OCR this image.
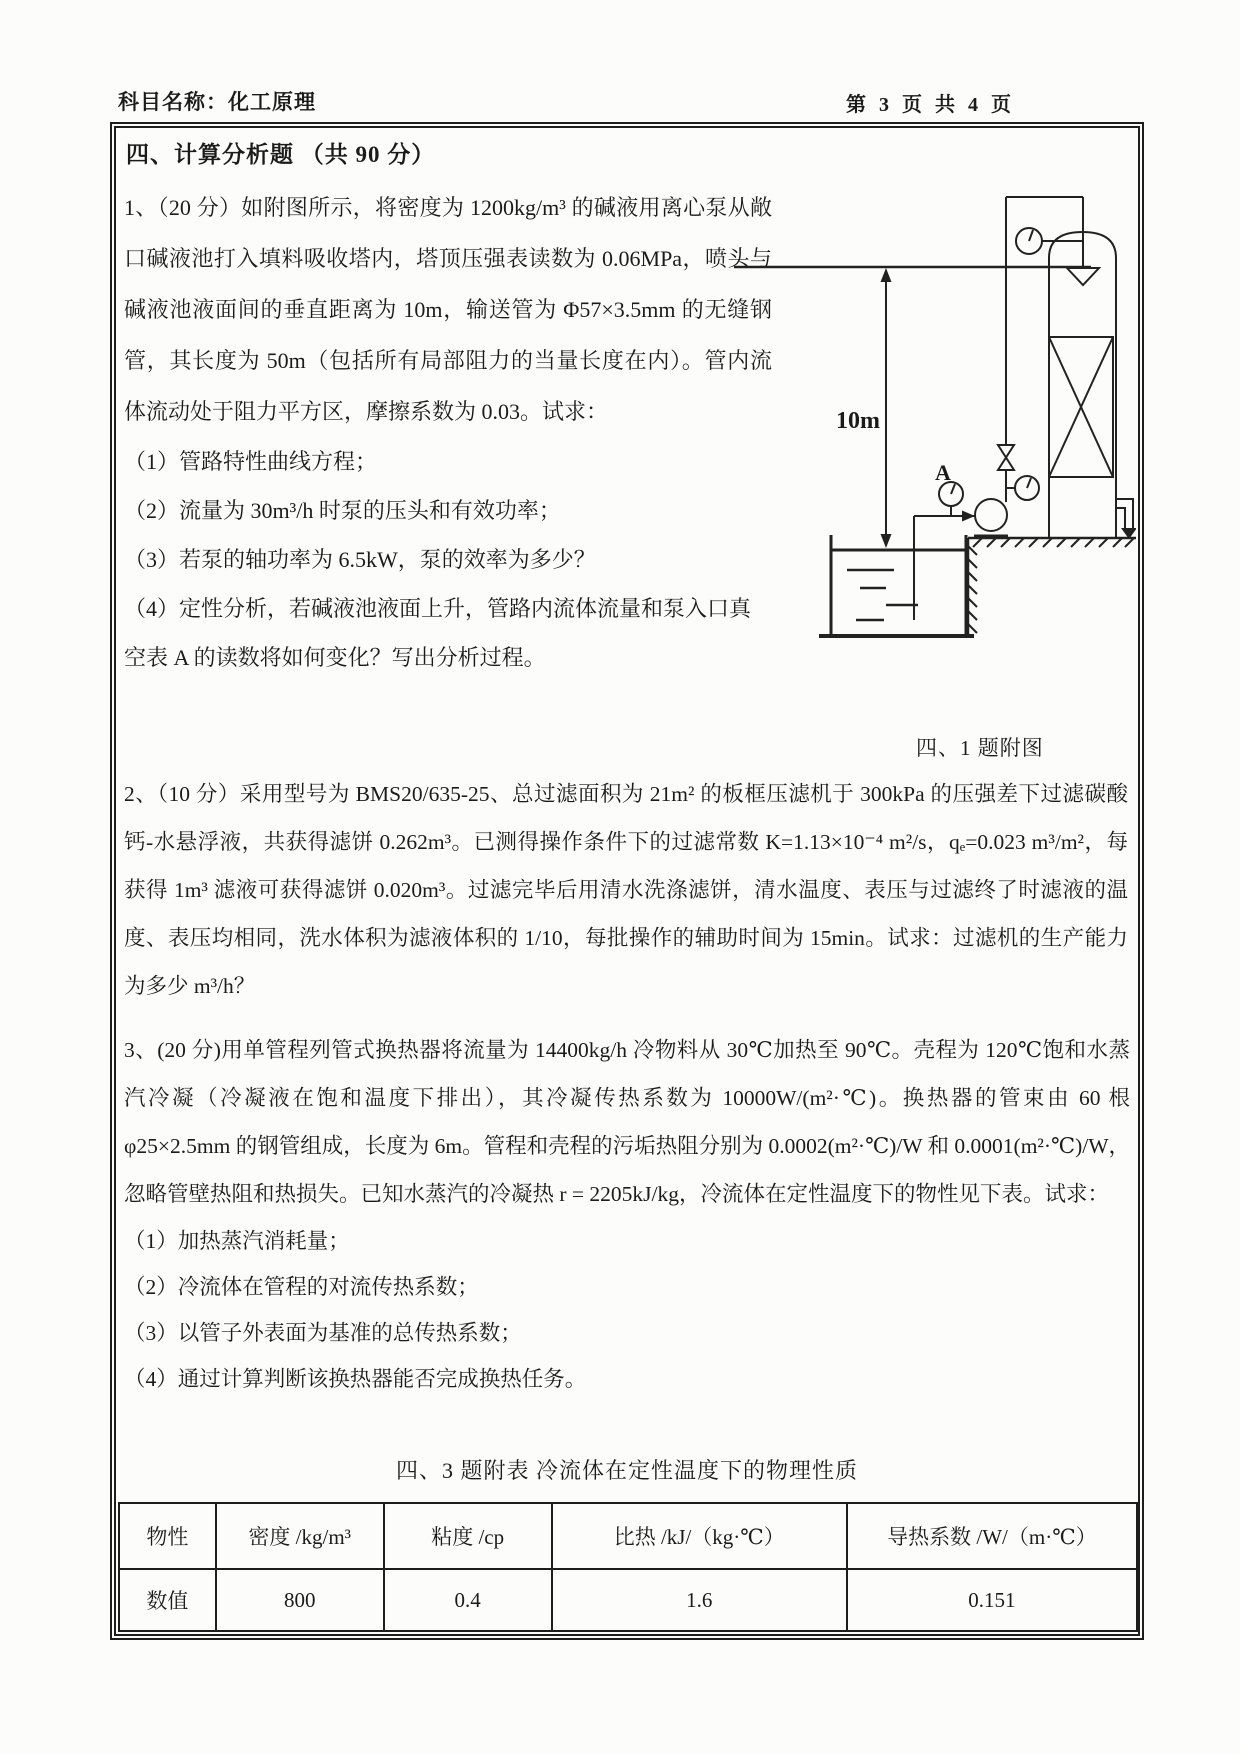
科目名称：化工原理	第 3 页 共 4 页
四、计算分析题 （共 90 分）

1、（20 分）如附图所示，将密度为 1200kg/m³ 的碱液用离心泵从敞口碱液池打入填料吸收塔内，塔顶压强表读数为 0.06MPa，喷头与碱液池液面间的垂直距离为 10m，输送管为 Φ57×3.5mm 的无缝钢管，其长度为 50m（包括所有局部阻力的当量长度在内）。管内流体流动处于阻力平方区，摩擦系数为 0.03。试求：

（1）管路特性曲线方程；
（2）流量为 30m³/h 时泵的压头和有效功率；
（3）若泵的轴功率为 6.5kW，泵的效率为多少？
（4）定性分析，若碱液池液面上升，管路内流体流量和泵入口真空表 A 的读数将如何变化？写出分析过程。
10m
A
四、1 题附图

2、（10 分）采用型号为 BMS20/635-25、总过滤面积为 21m² 的板框压滤机于 300kPa 的压强差下过滤碳酸钙-水悬浮液，共获得滤饼 0.262m³。已测得操作条件下的过滤常数 K=1.13×10⁻⁴ m²/s，qₑ=0.023 m³/m²，每获得 1m³ 滤液可获得滤饼 0.020m³。过滤完毕后用清水洗涤滤饼，清水温度、表压与过滤终了时滤液的温度、表压均相同，洗水体积为滤液体积的 1/10，每批操作的辅助时间为 15min。试求：过滤机的生产能力为多少 m³/h？

3、(20 分)用单管程列管式换热器将流量为 14400kg/h 冷物料从 30℃加热至 90℃。壳程为 120℃饱和水蒸汽冷凝（冷凝液在饱和温度下排出），其冷凝传热系数为 10000W/(m²·℃)。换热器的管束由 60 根 φ25×2.5mm 的钢管组成，长度为 6m。管程和壳程的污垢热阻分别为 0.0002(m²·℃)/W 和 0.0001(m²·℃)/W，忽略管壁热阻和热损失。已知水蒸汽的冷凝热 r = 2205kJ/kg，冷流体在定性温度下的物性见下表。试求：

（1）加热蒸汽消耗量；
（2）冷流体在管程的对流传热系数；
（3）以管子外表面为基准的总传热系数；
（4）通过计算判断该换热器能否完成换热任务。
四、3 题附表 冷流体在定性温度下的物理性质
物性	密度 /kg/m³	粘度 /cp	比热 /kJ/（kg·℃）	导热系数 /W/（m·℃）
数值	800	0.4	1.6	0.151
